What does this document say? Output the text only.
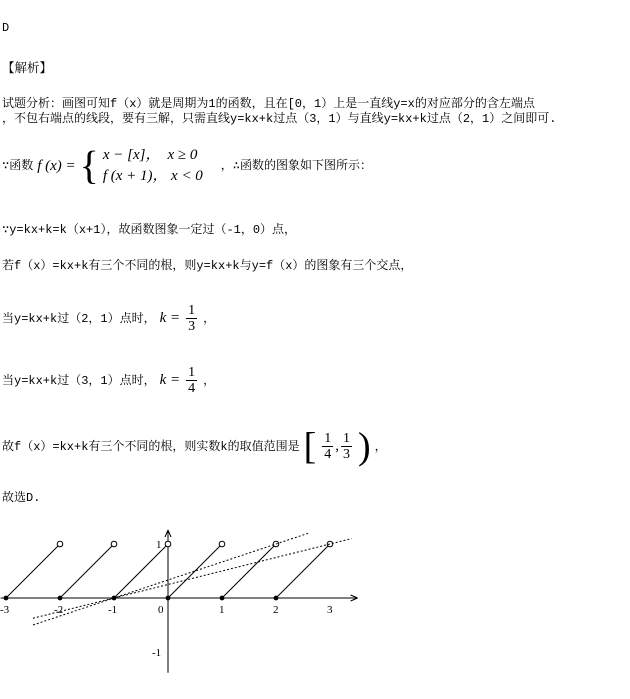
D
【解析】
试题分析：画图可知f（x）就是周期为1的函数，且在[0，1）上是一直线y=x的对应部分的含左端点
，不包右端点的线段，要有三解，只需直线y=kx+k过点（3，1）与直线y=kx+k过点（2，1）之间即可.
∵函数 f (x) = { x − [x]， x ≥ 0
f (x + 1)， x < 0
，∴函数的图象如下图所示：
∵y=kx+k=k（x+1），故函数图象一定过（-1，0）点，
若f（x）=kx+k有三个不同的根，则y=kx+k与y=f（x）的图象有三个交点，
当y=kx+k过（2，1）点时， $k = \frac{1}{3}$ ，
当y=kx+k过（3，1）点时， $k = \frac{1}{4}$ ，
故f（x）=kx+k有三个不同的根，则实数k的取值范围是 [ $\frac{1}{4}$ , $\frac{1}{3}$ ) ，
故选D.
-3	-2	-1	0	1	2	3
1
-1
